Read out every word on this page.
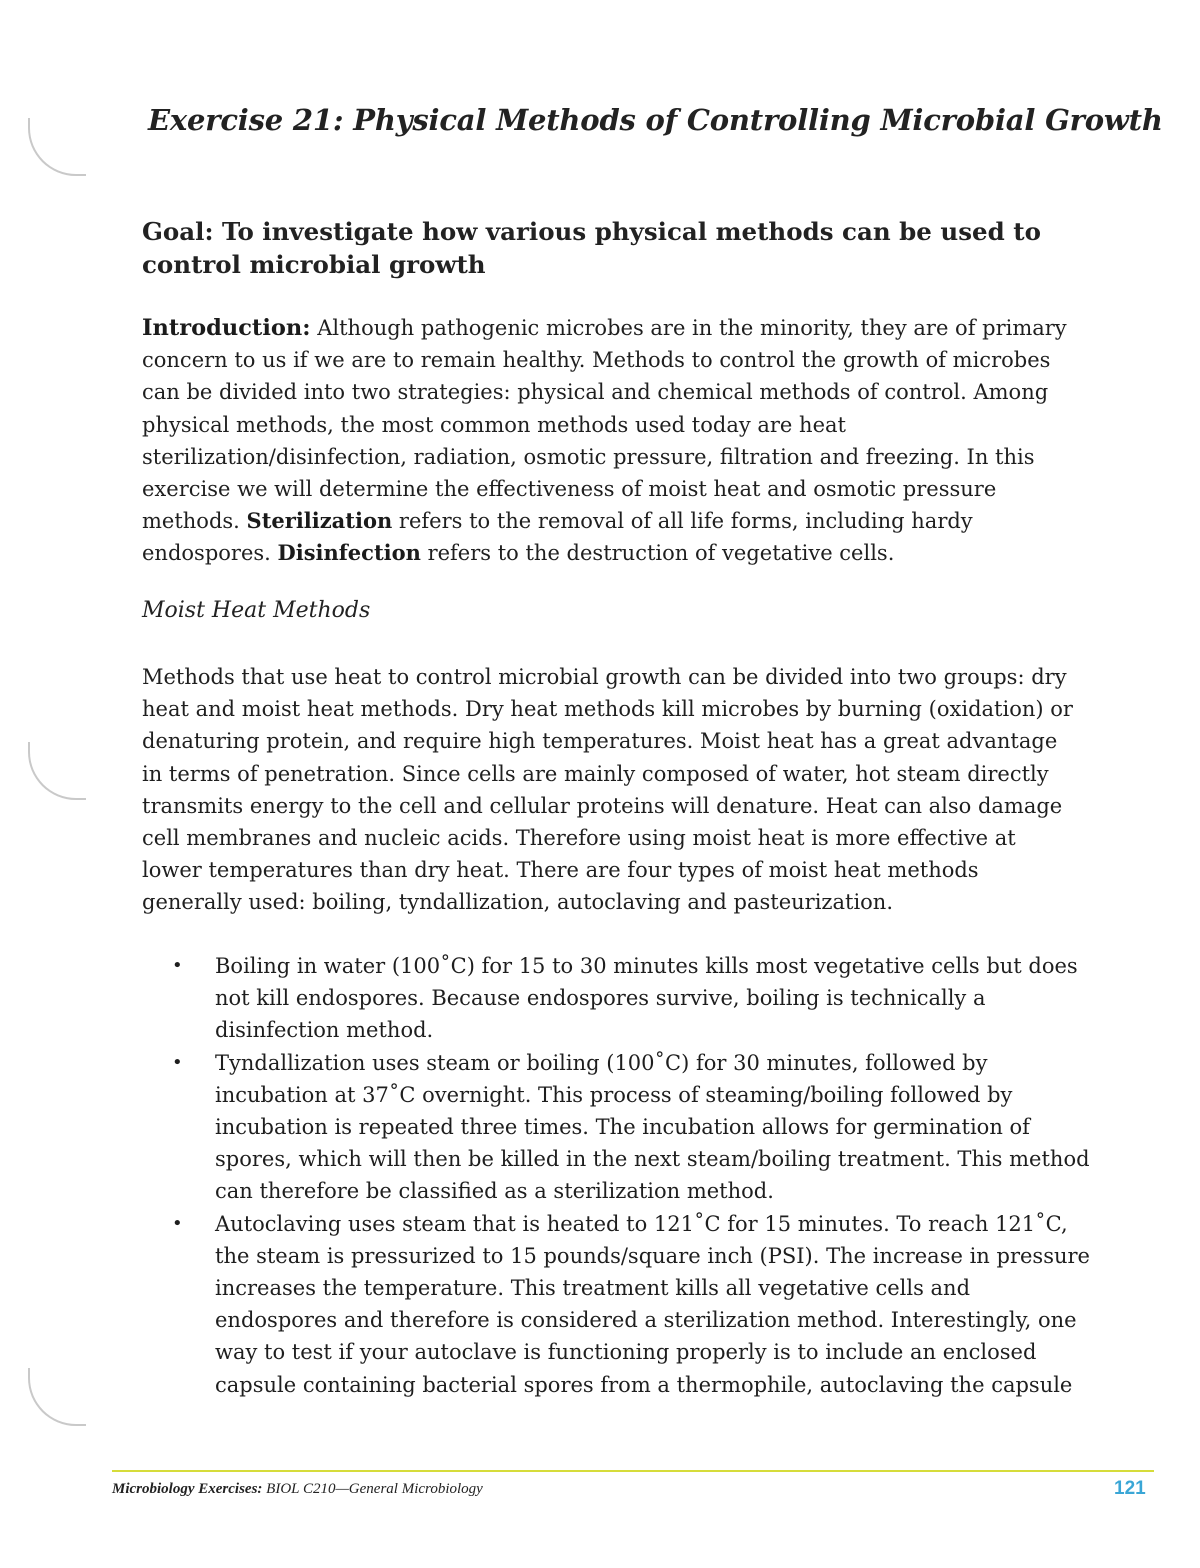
Exercise 21: Physical Methods of Controlling Microbial Growth
Goal: To investigate how various physical methods can be used to control microbial growth
Introduction: Although pathogenic microbes are in the minority, they are of primary concern to us if we are to remain healthy. Methods to control the growth of microbes can be divided into two strategies: physical and chemical methods of control. Among physical methods, the most common methods used today are heat sterilization/disinfection, radiation, osmotic pressure, filtration and freezing. In this exercise we will determine the effectiveness of moist heat and osmotic pressure methods. Sterilization refers to the removal of all life forms, including hardy endospores. Disinfection refers to the destruction of vegetative cells.
Moist Heat Methods
Methods that use heat to control microbial growth can be divided into two groups: dry heat and moist heat methods. Dry heat methods kill microbes by burning (oxidation) or denaturing protein, and require high temperatures. Moist heat has a great advantage in terms of penetration. Since cells are mainly composed of water, hot steam directly transmits energy to the cell and cellular proteins will denature. Heat can also damage cell membranes and nucleic acids. Therefore using moist heat is more effective at lower temperatures than dry heat. There are four types of moist heat methods generally used: boiling, tyndallization, autoclaving and pasteurization.
• Boiling in water (100˚C) for 15 to 30 minutes kills most vegetative cells but does not kill endospores. Because endospores survive, boiling is technically a disinfection method.
• Tyndallization uses steam or boiling (100˚C) for 30 minutes, followed by incubation at 37˚C overnight. This process of steaming/boiling followed by incubation is repeated three times. The incubation allows for germination of spores, which will then be killed in the next steam/boiling treatment. This method can therefore be classified as a sterilization method.
• Autoclaving uses steam that is heated to 121˚C for 15 minutes. To reach 121˚C, the steam is pressurized to 15 pounds/square inch (PSI). The increase in pressure increases the temperature. This treatment kills all vegetative cells and endospores and therefore is considered a sterilization method. Interestingly, one way to test if your autoclave is functioning properly is to include an enclosed capsule containing bacterial spores from a thermophile, autoclaving the capsule
Microbiology Exercises: BIOL C210—General Microbiology	121
